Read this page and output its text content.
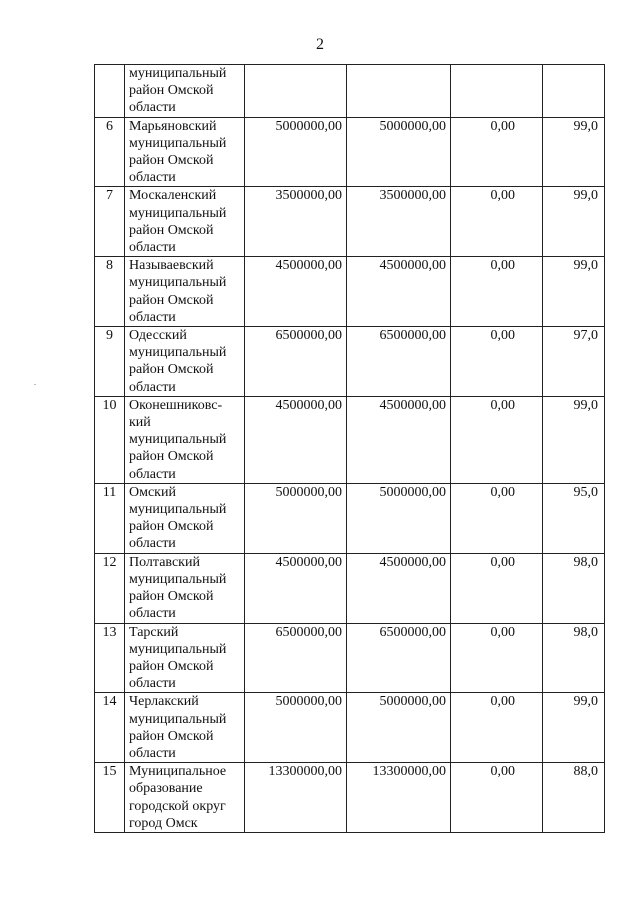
2

	муниципальный
район Омской
области				

6	Марьяновский
муниципальный
район Омской
области	5000000,00	5000000,00	0,00	99,0
7	Москаленский
муниципальный
район Омской
области	3500000,00	3500000,00	0,00	99,0
8	Называевский
муниципальный
район Омской
области	4500000,00	4500000,00	0,00	99,0
9	Одесский
муниципальный
район Омской
области	6500000,00	6500000,00	0,00	97,0
10	Оконешниковс-
кий
муниципальный
район Омской
области	4500000,00	4500000,00	0,00	99,0
11	Омский
муниципальный
район Омской
области	5000000,00	5000000,00	0,00	95,0
12	Полтавский
муниципальный
район Омской
области	4500000,00	4500000,00	0,00	98,0
13	Тарский
муниципальный
район Омской
области	6500000,00	6500000,00	0,00	98,0
14	Черлакский
муниципальный
район Омской
области	5000000,00	5000000,00	0,00	99,0
15	Муниципальное
образование
городской округ
город Омск	13300000,00	13300000,00	0,00	88,0
